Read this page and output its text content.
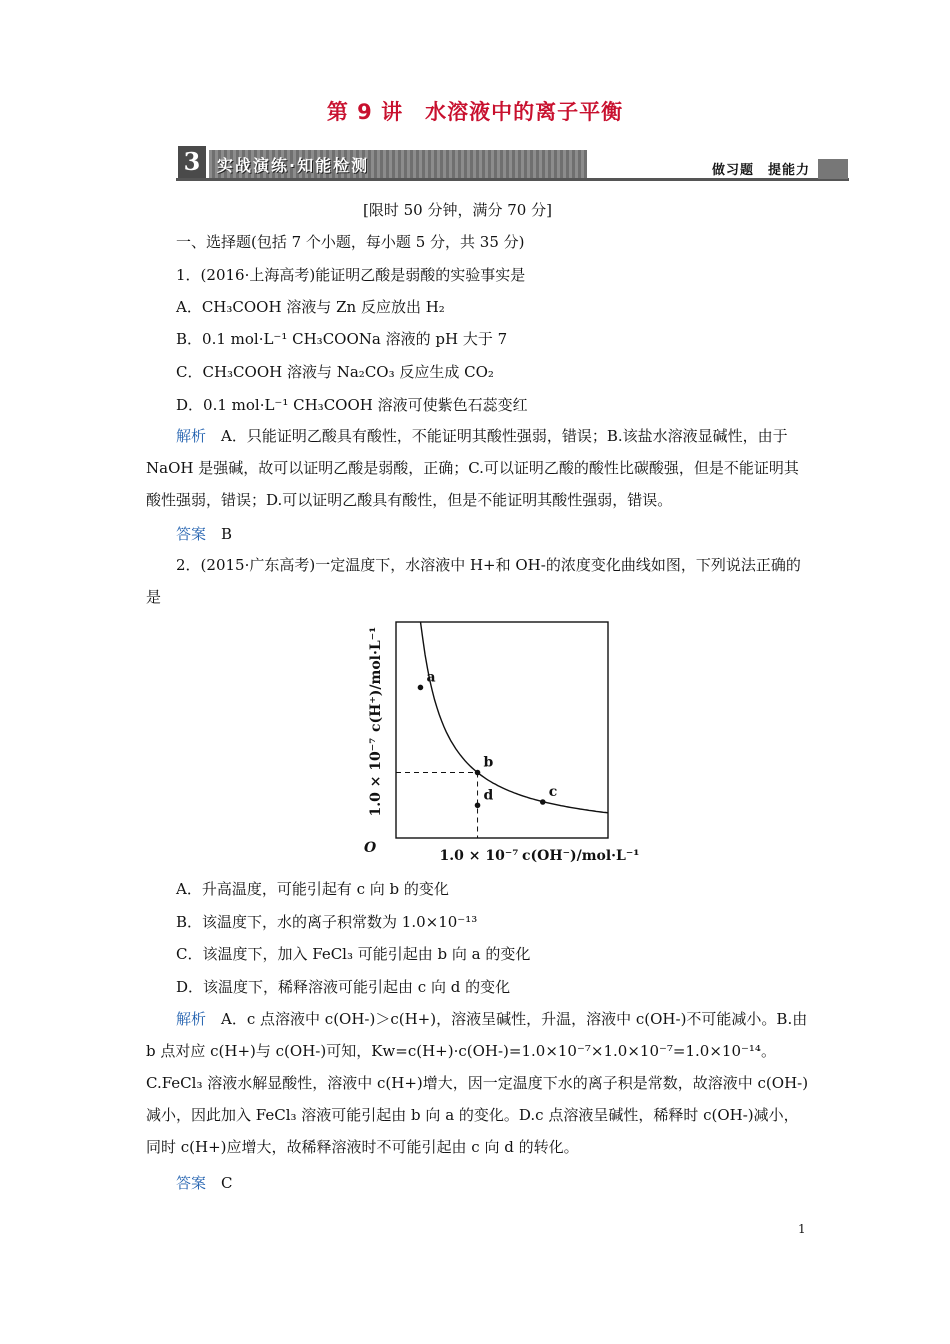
第 9 讲　水溶液中的离子平衡
3	实战演练·知能检测	做习题 提能力
[限时 50 分钟，满分 70 分]
一、选择题(包括 7 个小题，每小题 5 分，共 35 分)
1．(2016·上海高考)能证明乙酸是弱酸的实验事实是
A．CH₃COOH 溶液与 Zn 反应放出 H₂
B．0.1 mol·L⁻¹ CH₃COONa 溶液的 pH 大于 7
C．CH₃COOH 溶液与 Na₂CO₃ 反应生成 CO₂
D．0.1 mol·L⁻¹ CH₃COOH 溶液可使紫色石蕊变红
解析　 A．只能证明乙酸具有酸性，不能证明其酸性强弱，错误；B.该盐水溶液显碱性，由于 NaOH 是强碱，故可以证明乙酸是弱酸，正确；C.可以证明乙酸的酸性比碳酸强，但是不能证明其酸性强弱，错误；D.可以证明乙酸具有酸性，但是不能证明其酸性强弱，错误。
答案　 B
2．(2015·广东高考)一定温度下，水溶液中 H+和 OH-的浓度变化曲线如图，下列说法正确的是
a
b
c
d
O	1.0 × 10⁻⁷ c(OH⁻)/mol·L⁻¹
1.0 × 10⁻⁷
c(H⁺)/mol·L⁻¹
A．升高温度，可能引起有 c 向 b 的变化
B．该温度下，水的离子积常数为 1.0×10⁻¹³
C．该温度下，加入 FeCl₃ 可能引起由 b 向 a 的变化
D．该温度下，稀释溶液可能引起由 c 向 d 的变化
解析　 A．c 点溶液中 c(OH-)＞c(H+)，溶液呈碱性，升温，溶液中 c(OH-)不可能减小。B.由 b 点对应 c(H+)与 c(OH-)可知，Kw=c(H+)·c(OH-)=1.0×10⁻⁷×1.0×10⁻⁷=1.0×10⁻¹⁴。C.FeCl₃ 溶液水解显酸性，溶液中 c(H+)增大，因一定温度下水的离子积是常数，故溶液中 c(OH-)减小，因此加入 FeCl₃ 溶液可能引起由 b 向 a 的变化。D.c 点溶液呈碱性，稀释时 c(OH-)减小，同时 c(H+)应增大，故稀释溶液时不可能引起由 c 向 d 的转化。
答案　 C
1
